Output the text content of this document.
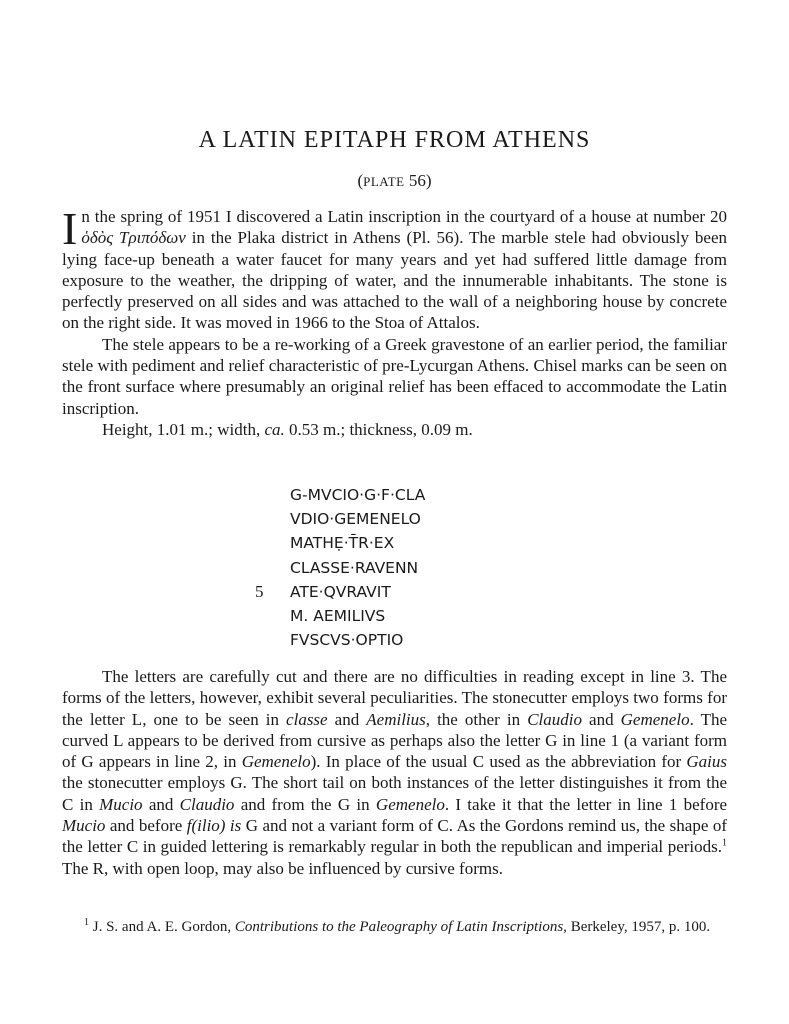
A LATIN EPITAPH FROM ATHENS

(PLATE 56)

In the spring of 1951 I discovered a Latin inscription in the courtyard of a house at number 20 ὁδὸς Τριπόδων in the Plaka district in Athens (Pl. 56). The marble stele had obviously been lying face-up beneath a water faucet for many years and yet had suffered little damage from exposure to the weather, the dripping of water, and the innumerable inhabitants. The stone is perfectly preserved on all sides and was attached to the wall of a neighboring house by concrete on the right side. It was moved in 1966 to the Stoa of Attalos.

The stele appears to be a re-working of a Greek gravestone of an earlier period, the familiar stele with pediment and relief characteristic of pre-Lycurgan Athens. Chisel marks can be seen on the front surface where presumably an original relief has been effaced to accommodate the Latin inscription.

Height, 1.01 m.; width, ca. 0.53 m.; thickness, 0.09 m.

G-MVCIO·G·F·CLA
VDIO·GEMENELO
MATHẸ·T̄R·EX
CLASSE·RAVENN
5 ATE·QVRAVIT
M. AEMILIVS
FVSCVS·OPTIO

The letters are carefully cut and there are no difficulties in reading except in line 3. The forms of the letters, however, exhibit several peculiarities. The stonecutter employs two forms for the letter L, one to be seen in classe and Aemilius, the other in Claudio and Gemenelo. The curved L appears to be derived from cursive as perhaps also the letter G in line 1 (a variant form of G appears in line 2, in Gemenelo). In place of the usual C used as the abbreviation for Gaius the stonecutter employs G. The short tail on both instances of the letter distinguishes it from the C in Mucio and Claudio and from the G in Gemenelo. I take it that the letter in line 1 before Mucio and before f(ilio) is G and not a variant form of C. As the Gordons remind us, the shape of the letter C in guided lettering is remarkably regular in both the republican and imperial periods.$^1$ The R, with open loop, may also be influenced by cursive forms.

$^1$ J. S. and A. E. Gordon, Contributions to the Paleography of Latin Inscriptions, Berkeley, 1957, p. 100.
